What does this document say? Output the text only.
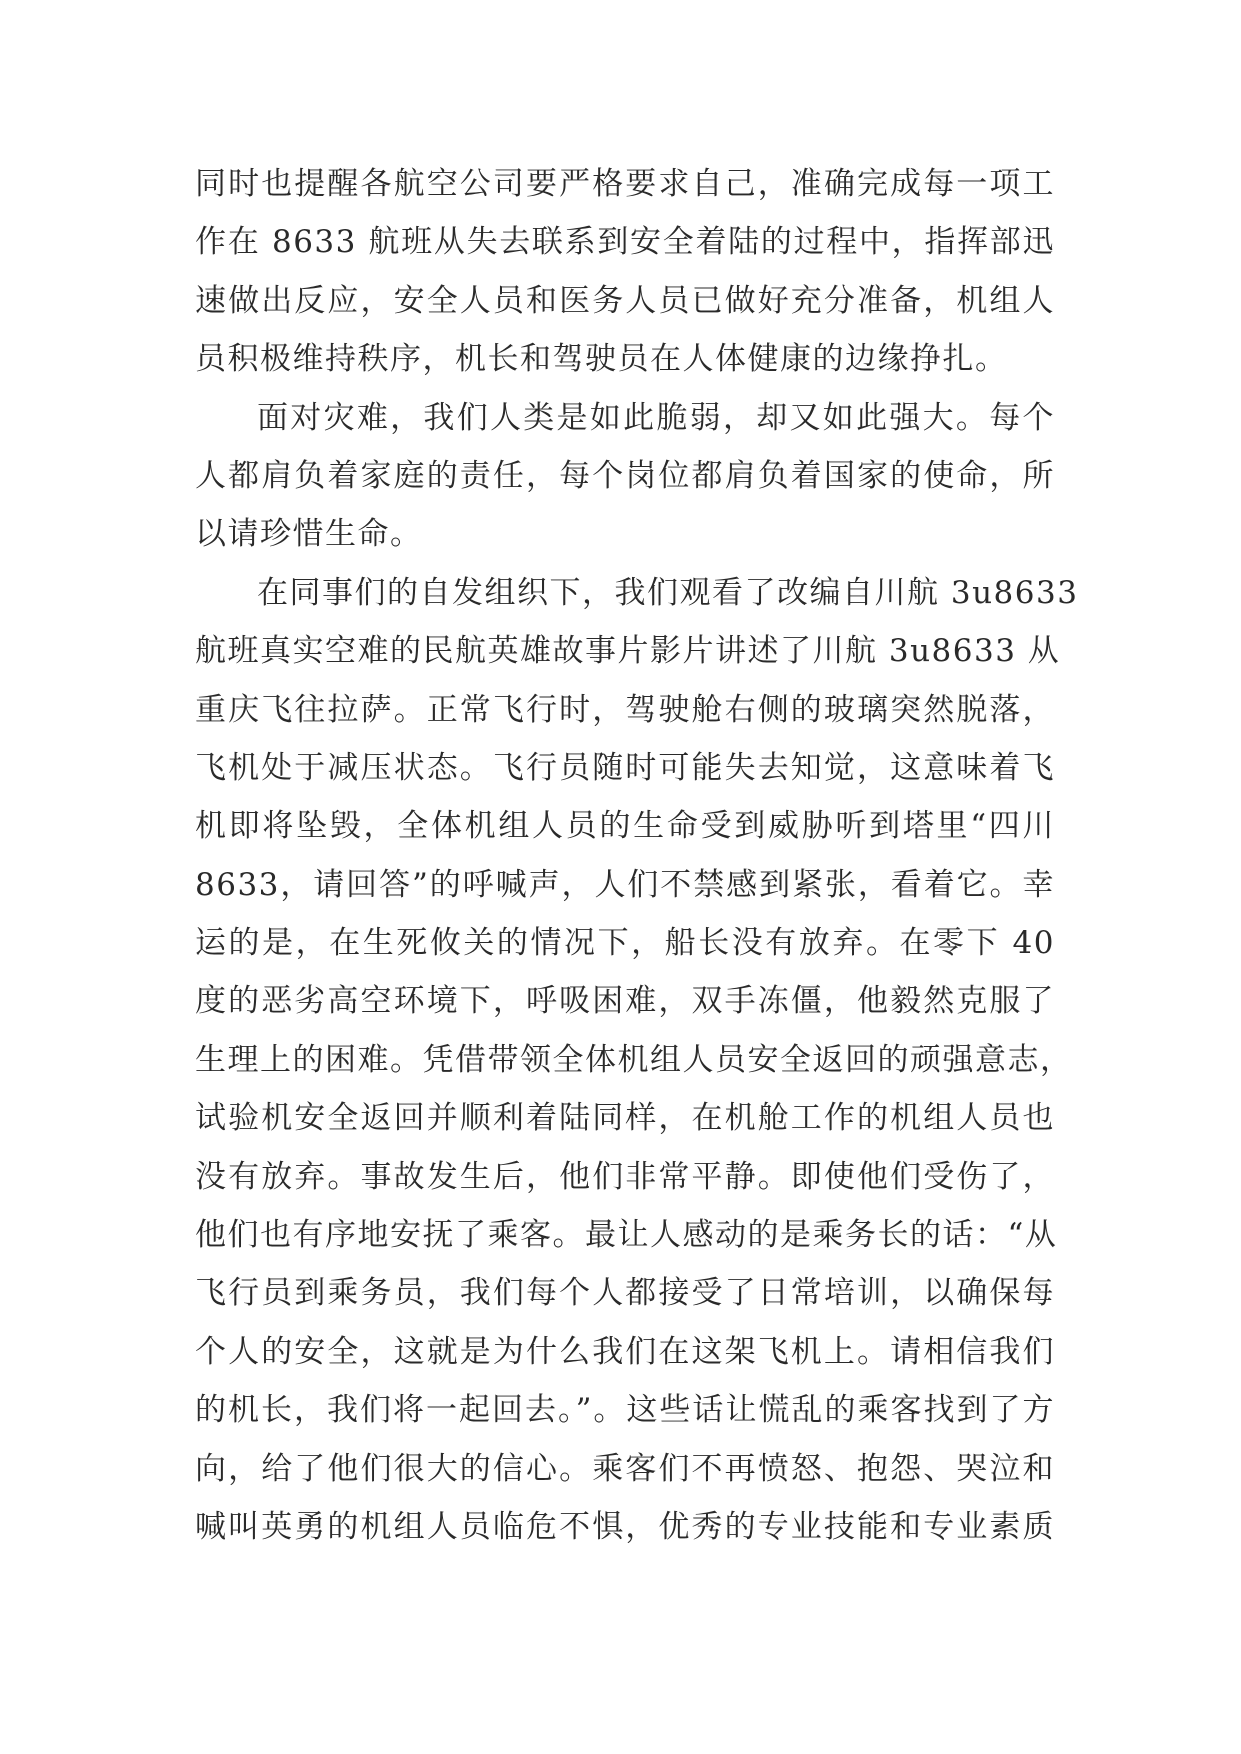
同时也提醒各航空公司要严格要求自己，准确完成每一项工
作在 8633 航班从失去联系到安全着陆的过程中，指挥部迅
速做出反应，安全人员和医务人员已做好充分准备，机组人
员积极维持秩序，机长和驾驶员在人体健康的边缘挣扎。
面对灾难，我们人类是如此脆弱，却又如此强大。每个
人都肩负着家庭的责任，每个岗位都肩负着国家的使命，所
以请珍惜生命。
在同事们的自发组织下，我们观看了改编自川航 3u8633
航班真实空难的民航英雄故事片影片讲述了川航 3u8633 从
重庆飞往拉萨。正常飞行时，驾驶舱右侧的玻璃突然脱落，
飞机处于减压状态。飞行员随时可能失去知觉，这意味着飞
机即将坠毁，全体机组人员的生命受到威胁听到塔里“四川
8633，请回答”的呼喊声，人们不禁感到紧张，看着它。幸
运的是，在生死攸关的情况下，船长没有放弃。在零下 40
度的恶劣高空环境下，呼吸困难，双手冻僵，他毅然克服了
生理上的困难。凭借带领全体机组人员安全返回的顽强意志，
试验机安全返回并顺利着陆同样，在机舱工作的机组人员也
没有放弃。事故发生后，他们非常平静。即使他们受伤了，
他们也有序地安抚了乘客。最让人感动的是乘务长的话：“从
飞行员到乘务员，我们每个人都接受了日常培训，以确保每
个人的安全，这就是为什么我们在这架飞机上。请相信我们
的机长，我们将一起回去。”。这些话让慌乱的乘客找到了方
向，给了他们很大的信心。乘客们不再愤怒、抱怨、哭泣和
喊叫英勇的机组人员临危不惧，优秀的专业技能和专业素质
